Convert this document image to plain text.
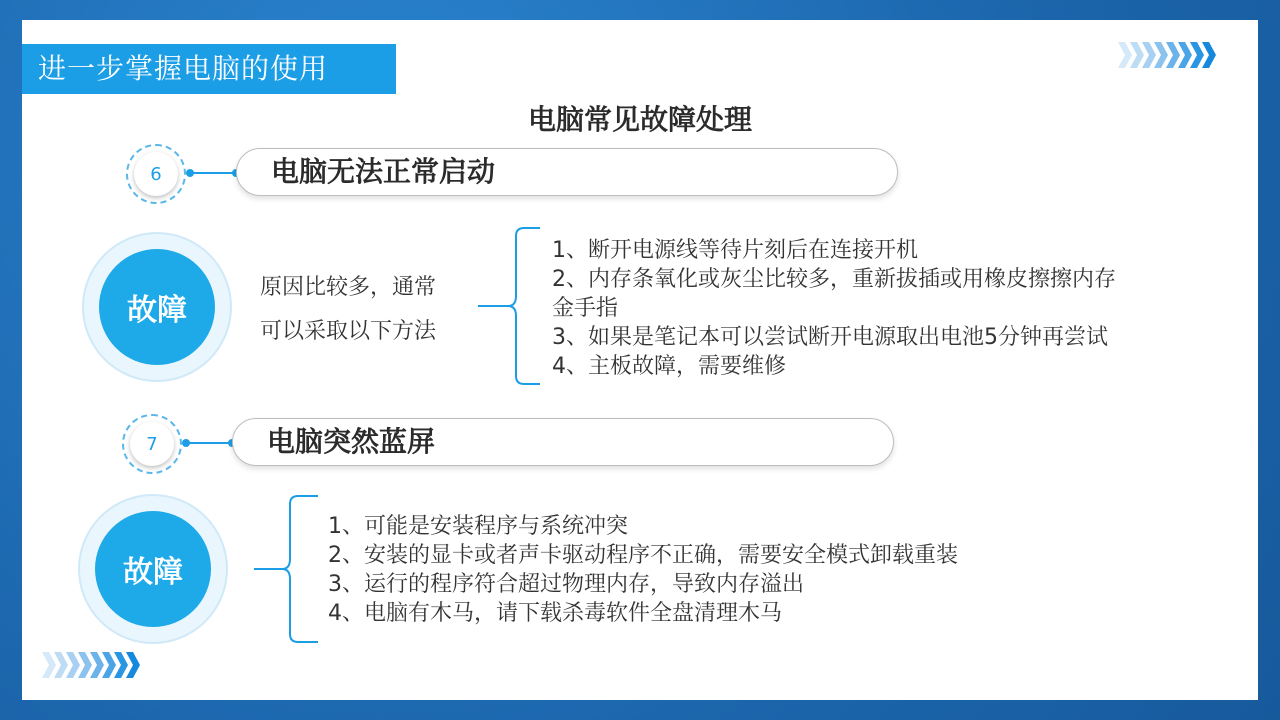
进一步掌握电脑的使用
电脑常见故障处理
6	电脑无法正常启动
故障
原因比较多，通常
可以采取以下方法
1、断开电源线等待片刻后在连接开机
2、内存条氧化或灰尘比较多，重新拔插或用橡皮擦擦内存
金手指
3、如果是笔记本可以尝试断开电源取出电池5分钟再尝试
4、主板故障，需要维修
7	电脑突然蓝屏
故障
1、可能是安装程序与系统冲突
2、安装的显卡或者声卡驱动程序不正确，需要安全模式卸载重装
3、运行的程序符合超过物理内存，导致内存溢出
4、电脑有木马，请下载杀毒软件全盘清理木马
